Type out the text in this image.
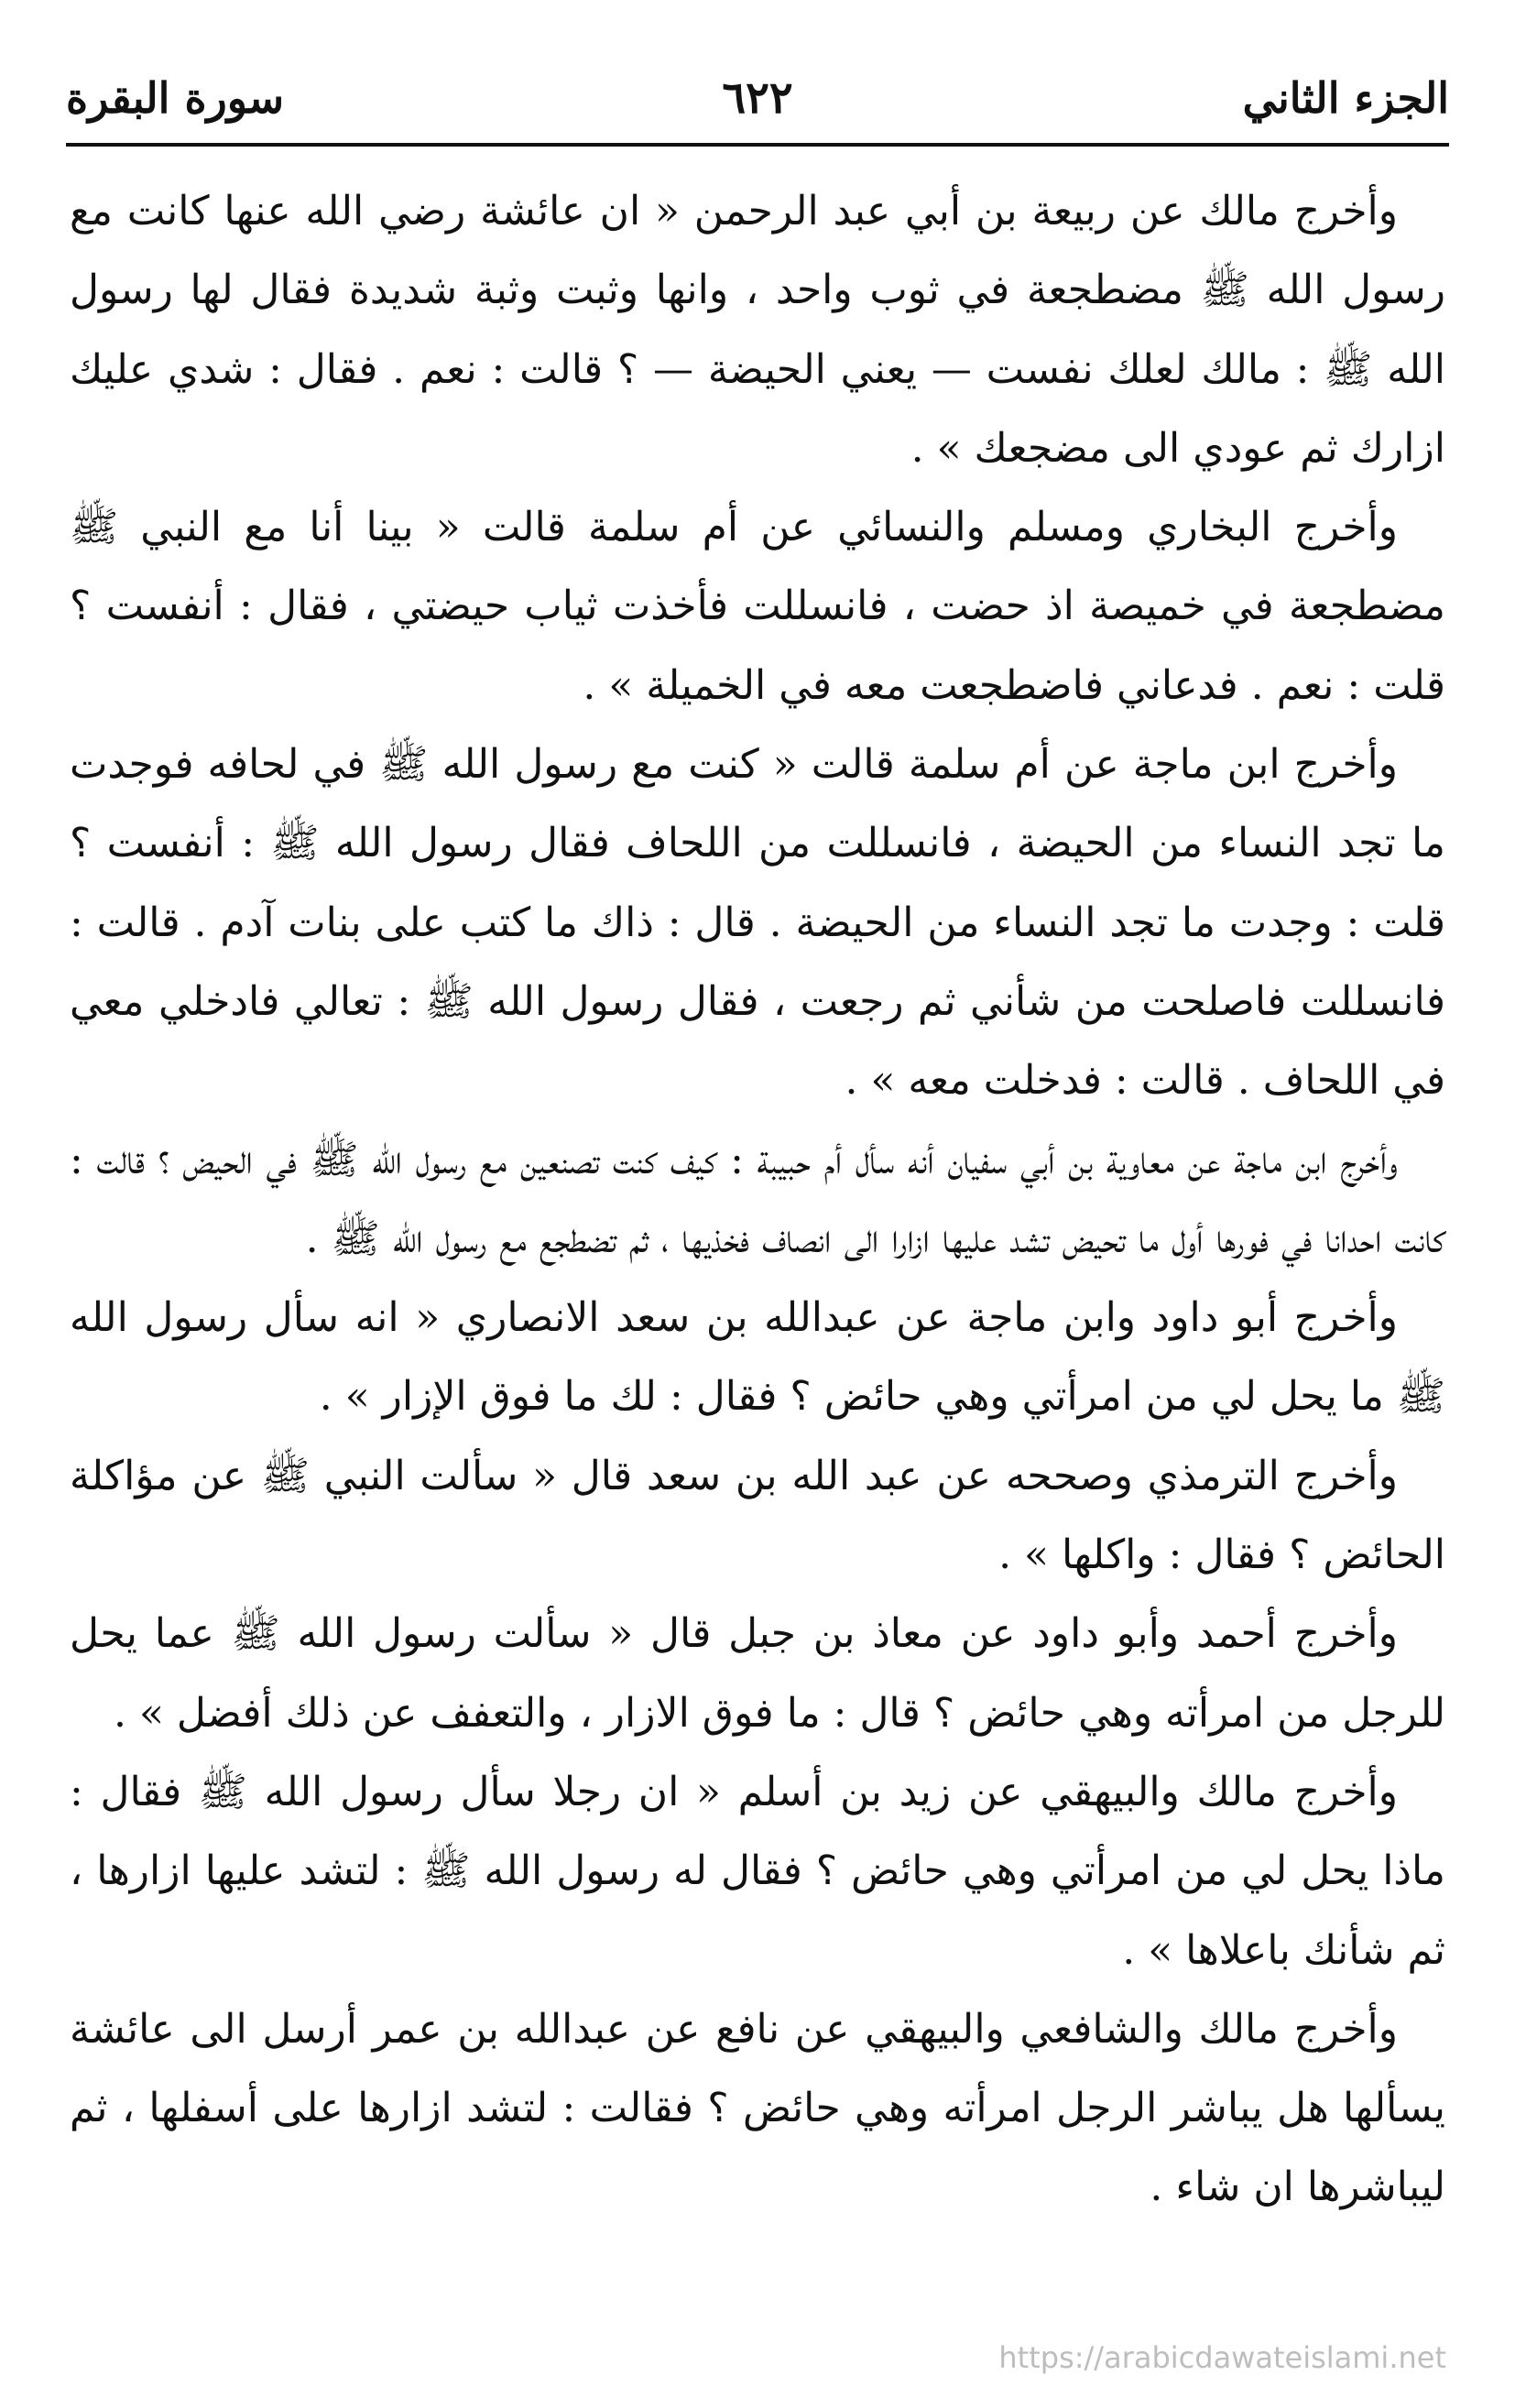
الجزء الثاني
٦٢٢
سورة البقرة

وأخرج مالك عن ربيعة بن أبي عبد الرحمن « ان عائشة رضي الله عنها كانت مع رسول الله ﷺ مضطجعة في ثوب واحد ، وانها وثبت وثبة شديدة فقال لها رسول الله ﷺ : مالك لعلك نفست — يعني الحيضة — ؟ قالت : نعم . فقال : شدي عليك ازارك ثم عودي الى مضجعك » .

وأخرج البخاري ومسلم والنسائي عن أم سلمة قالت « بينا أنا مع النبي ﷺ مضطجعة في خميصة اذ حضت ، فانسللت فأخذت ثياب حيضتي ، فقال : أنفست ؟ قلت : نعم . فدعاني فاضطجعت معه في الخميلة » .

وأخرج ابن ماجة عن أم سلمة قالت « كنت مع رسول الله ﷺ في لحافه فوجدت ما تجد النساء من الحيضة ، فانسللت من اللحاف فقال رسول الله ﷺ : أنفست ؟ قلت : وجدت ما تجد النساء من الحيضة . قال : ذاك ما كتب على بنات آدم . قالت : فانسللت فاصلحت من شأني ثم رجعت ، فقال رسول الله ﷺ : تعالي فادخلي معي في اللحاف . قالت : فدخلت معه » .

وأخرج ابن ماجة عن معاوية بن أبي سفيان أنه سأل أم حبيبة : كيف كنت تصنعين مع رسول الله ﷺ في الحيض ؟ قالت : كانت احدانا في فورها أول ما تحيض تشد عليها ازارا الى انصاف فخذيها ، ثم تضطجع مع رسول الله ﷺ .

وأخرج أبو داود وابن ماجة عن عبدالله بن سعد الانصاري « انه سأل رسول الله ﷺ ما يحل لي من امرأتي وهي حائض ؟ فقال : لك ما فوق الإزار » .

وأخرج الترمذي وصححه عن عبد الله بن سعد قال « سألت النبي ﷺ عن مؤاكلة الحائض ؟ فقال : واكلها » .

وأخرج أحمد وأبو داود عن معاذ بن جبل قال « سألت رسول الله ﷺ عما يحل للرجل من امرأته وهي حائض ؟ قال : ما فوق الازار ، والتعفف عن ذلك أفضل » .

وأخرج مالك والبيهقي عن زيد بن أسلم « ان رجلا سأل رسول الله ﷺ فقال : ماذا يحل لي من امرأتي وهي حائض ؟ فقال له رسول الله ﷺ : لتشد عليها ازارها ، ثم شأنك باعلاها » .

وأخرج مالك والشافعي والبيهقي عن نافع عن عبدالله بن عمر أرسل الى عائشة يسألها هل يباشر الرجل امرأته وهي حائض ؟ فقالت : لتشد ازارها على أسفلها ، ثم ليباشرها ان شاء .

https://arabicdawateislami.net
